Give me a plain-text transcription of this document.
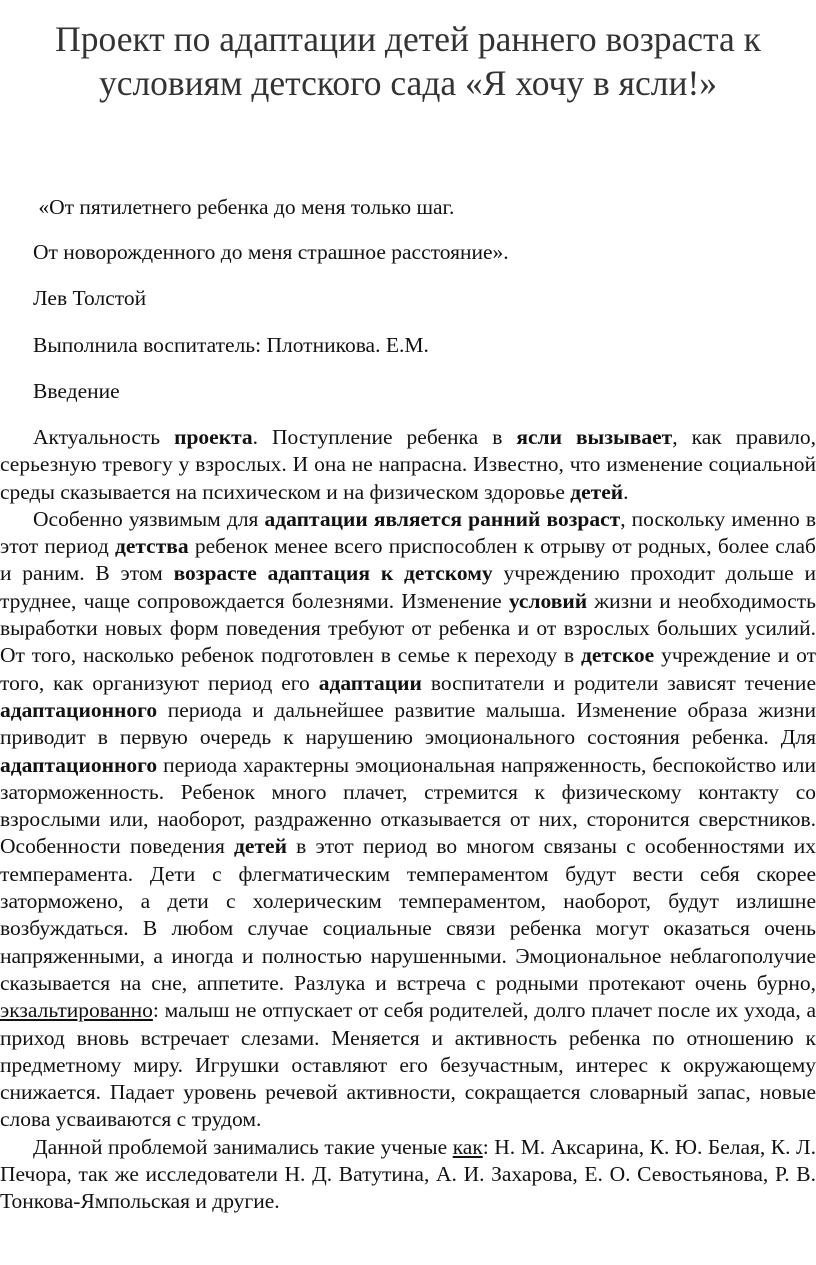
Проект по адаптации детей раннего возраста к
условиям детского сада «Я хочу в ясли!»

«От пятилетнего ребенка до меня только шаг.

От новорожденного до меня страшное расстояние».

Лев Толстой

Выполнила воспитатель: Плотникова. Е.М.

Введение

Актуальность проекта. Поступление ребенка в ясли вызывает, как правило, серьезную тревогу у взрослых. И она не напрасна. Известно, что изменение социальной среды сказывается на психическом и на физическом здоровье детей.

Особенно уязвимым для адаптации является ранний возраст, поскольку именно в этот период детства ребенок менее всего приспособлен к отрыву от родных, более слаб и раним. В этом возрасте адаптация к детскому учреждению проходит дольше и труднее, чаще сопровождается болезнями. Изменение условий жизни и необходимость выработки новых форм поведения требуют от ребенка и от взрослых больших усилий. От того, насколько ребенок подготовлен в семье к переходу в детское учреждение и от того, как организуют период его адаптации воспитатели и родители зависят течение адаптационного периода и дальнейшее развитие малыша. Изменение образа жизни приводит в первую очередь к нарушению эмоционального состояния ребенка. Для адаптационного периода характерны эмоциональная напряженность, беспокойство или заторможенность. Ребенок много плачет, стремится к физическому контакту со взрослыми или, наоборот, раздраженно отказывается от них, сторонится сверстников. Особенности поведения детей в этот период во многом связаны с особенностями их темперамента. Дети с флегматическим темпераментом будут вести себя скорее заторможено, а дети с холерическим темпераментом, наоборот, будут излишне возбуждаться. В любом случае социальные связи ребенка могут оказаться очень напряженными, а иногда и полностью нарушенными. Эмоциональное неблагополучие сказывается на сне, аппетите. Разлука и встреча с родными протекают очень бурно, экзальтированно: малыш не отпускает от себя родителей, долго плачет после их ухода, а приход вновь встречает слезами. Меняется и активность ребенка по отношению к предметному миру. Игрушки оставляют его безучастным, интерес к окружающему снижается. Падает уровень речевой активности, сокращается словарный запас, новые слова усваиваются с трудом.

Данной проблемой занимались такие ученые как: Н. М. Аксарина, К. Ю. Белая, К. Л. Печора, так же исследователи Н. Д. Ватутина, А. И. Захарова, Е. О. Севостьянова, Р. В. Тонкова-Ямпольская и другие.
